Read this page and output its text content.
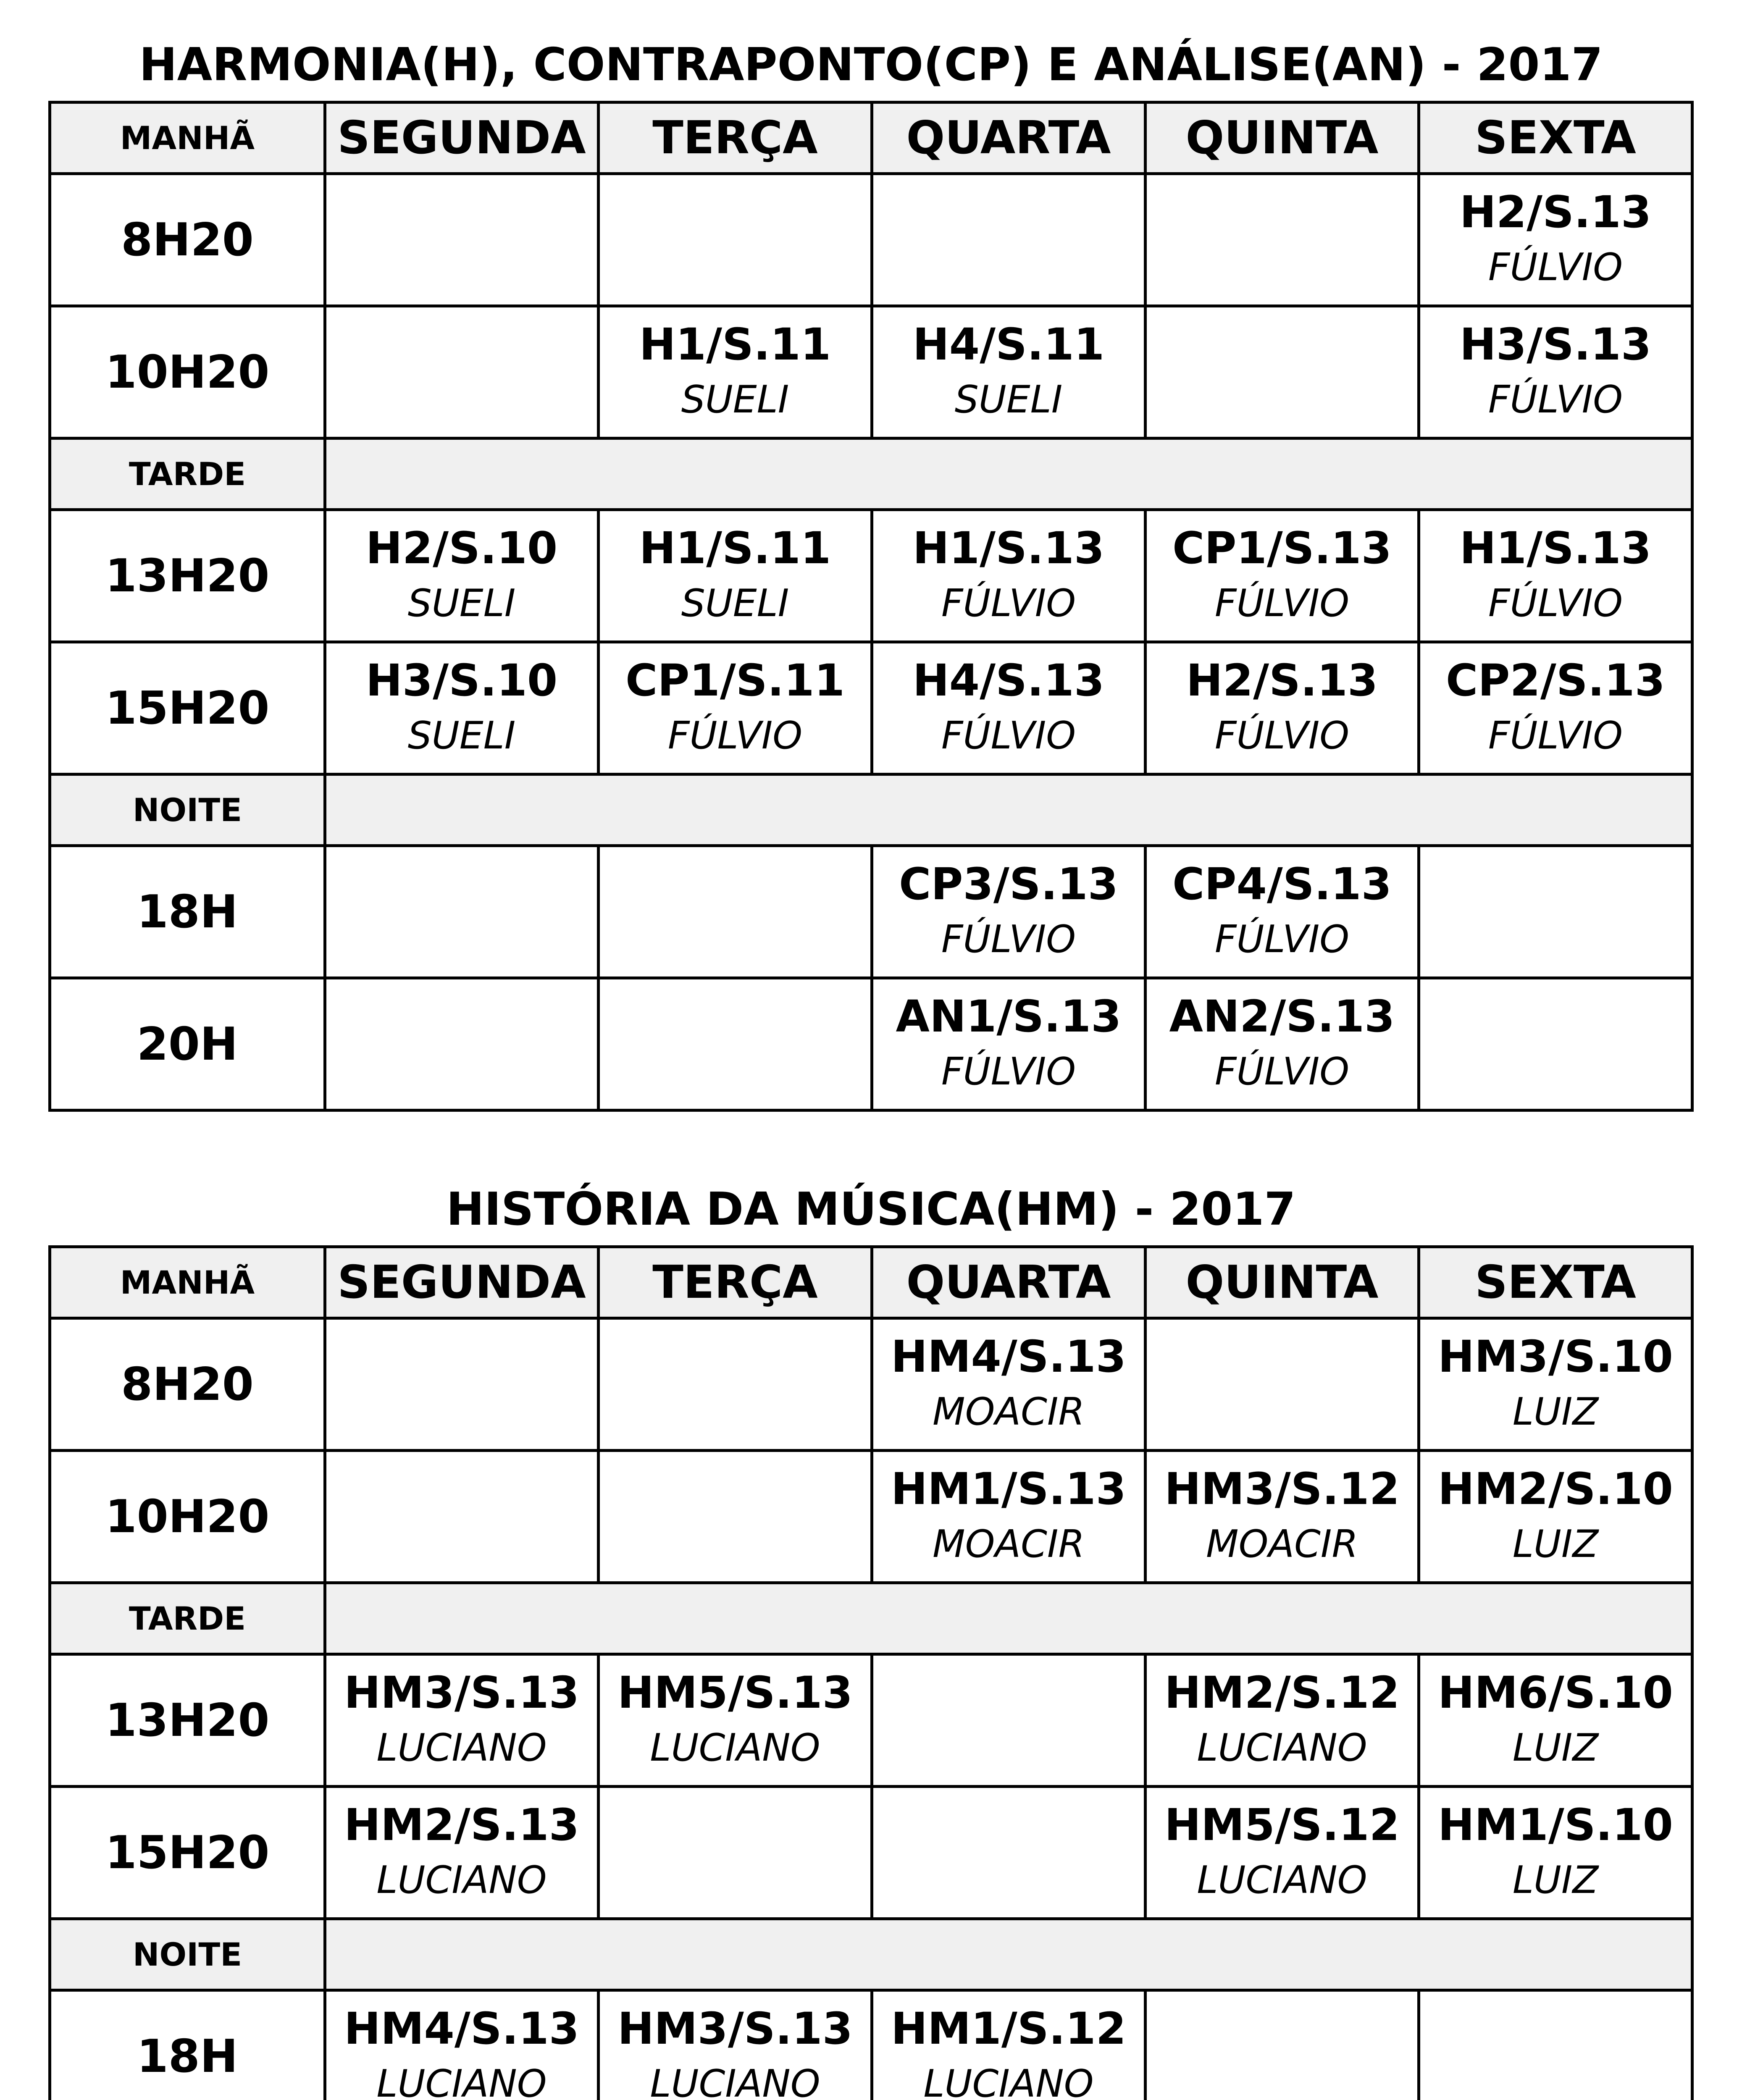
HARMONIA(H), CONTRAPONTO(CP) E ANÁLISE(AN) - 2017
MANHÃ	SEGUNDA	TERÇA	QUARTA	QUINTA	SEXTA
8H20					H2/S.13
FÚLVIO

10H20		H1/S.11
SUELI	H4/S.11
SUELI		H3/S.13
FÚLVIO

TARDE					
13H20	H2/S.10
SUELI	H1/S.11
SUELI	H1/S.13
FÚLVIO	CP1/S.13
FÚLVIO	H1/S.13
FÚLVIO

15H20	H3/S.10
SUELI	CP1/S.11
FÚLVIO	H4/S.13
FÚLVIO	H2/S.13
FÚLVIO	CP2/S.13
FÚLVIO

NOITE					
18H			CP3/S.13
FÚLVIO	CP4/S.13
FÚLVIO	

20H			AN1/S.13
FÚLVIO	AN2/S.13
FÚLVIO	

HISTÓRIA DA MÚSICA(HM) - 2017
MANHÃ	SEGUNDA	TERÇA	QUARTA	QUINTA	SEXTA
8H20			HM4/S.13
MOACIR		HM3/S.10
LUIZ

10H20			HM1/S.13
MOACIR	HM3/S.12
MOACIR	HM2/S.10
LUIZ

TARDE					
13H20	HM3/S.13
LUCIANO	HM5/S.13
LUCIANO		HM2/S.12
LUCIANO	HM6/S.10
LUIZ

15H20	HM2/S.13
LUCIANO			HM5/S.12
LUCIANO	HM1/S.10
LUIZ

NOITE					
18H	HM4/S.13
LUCIANO	HM3/S.13
LUCIANO	HM1/S.12
LUCIANO		
